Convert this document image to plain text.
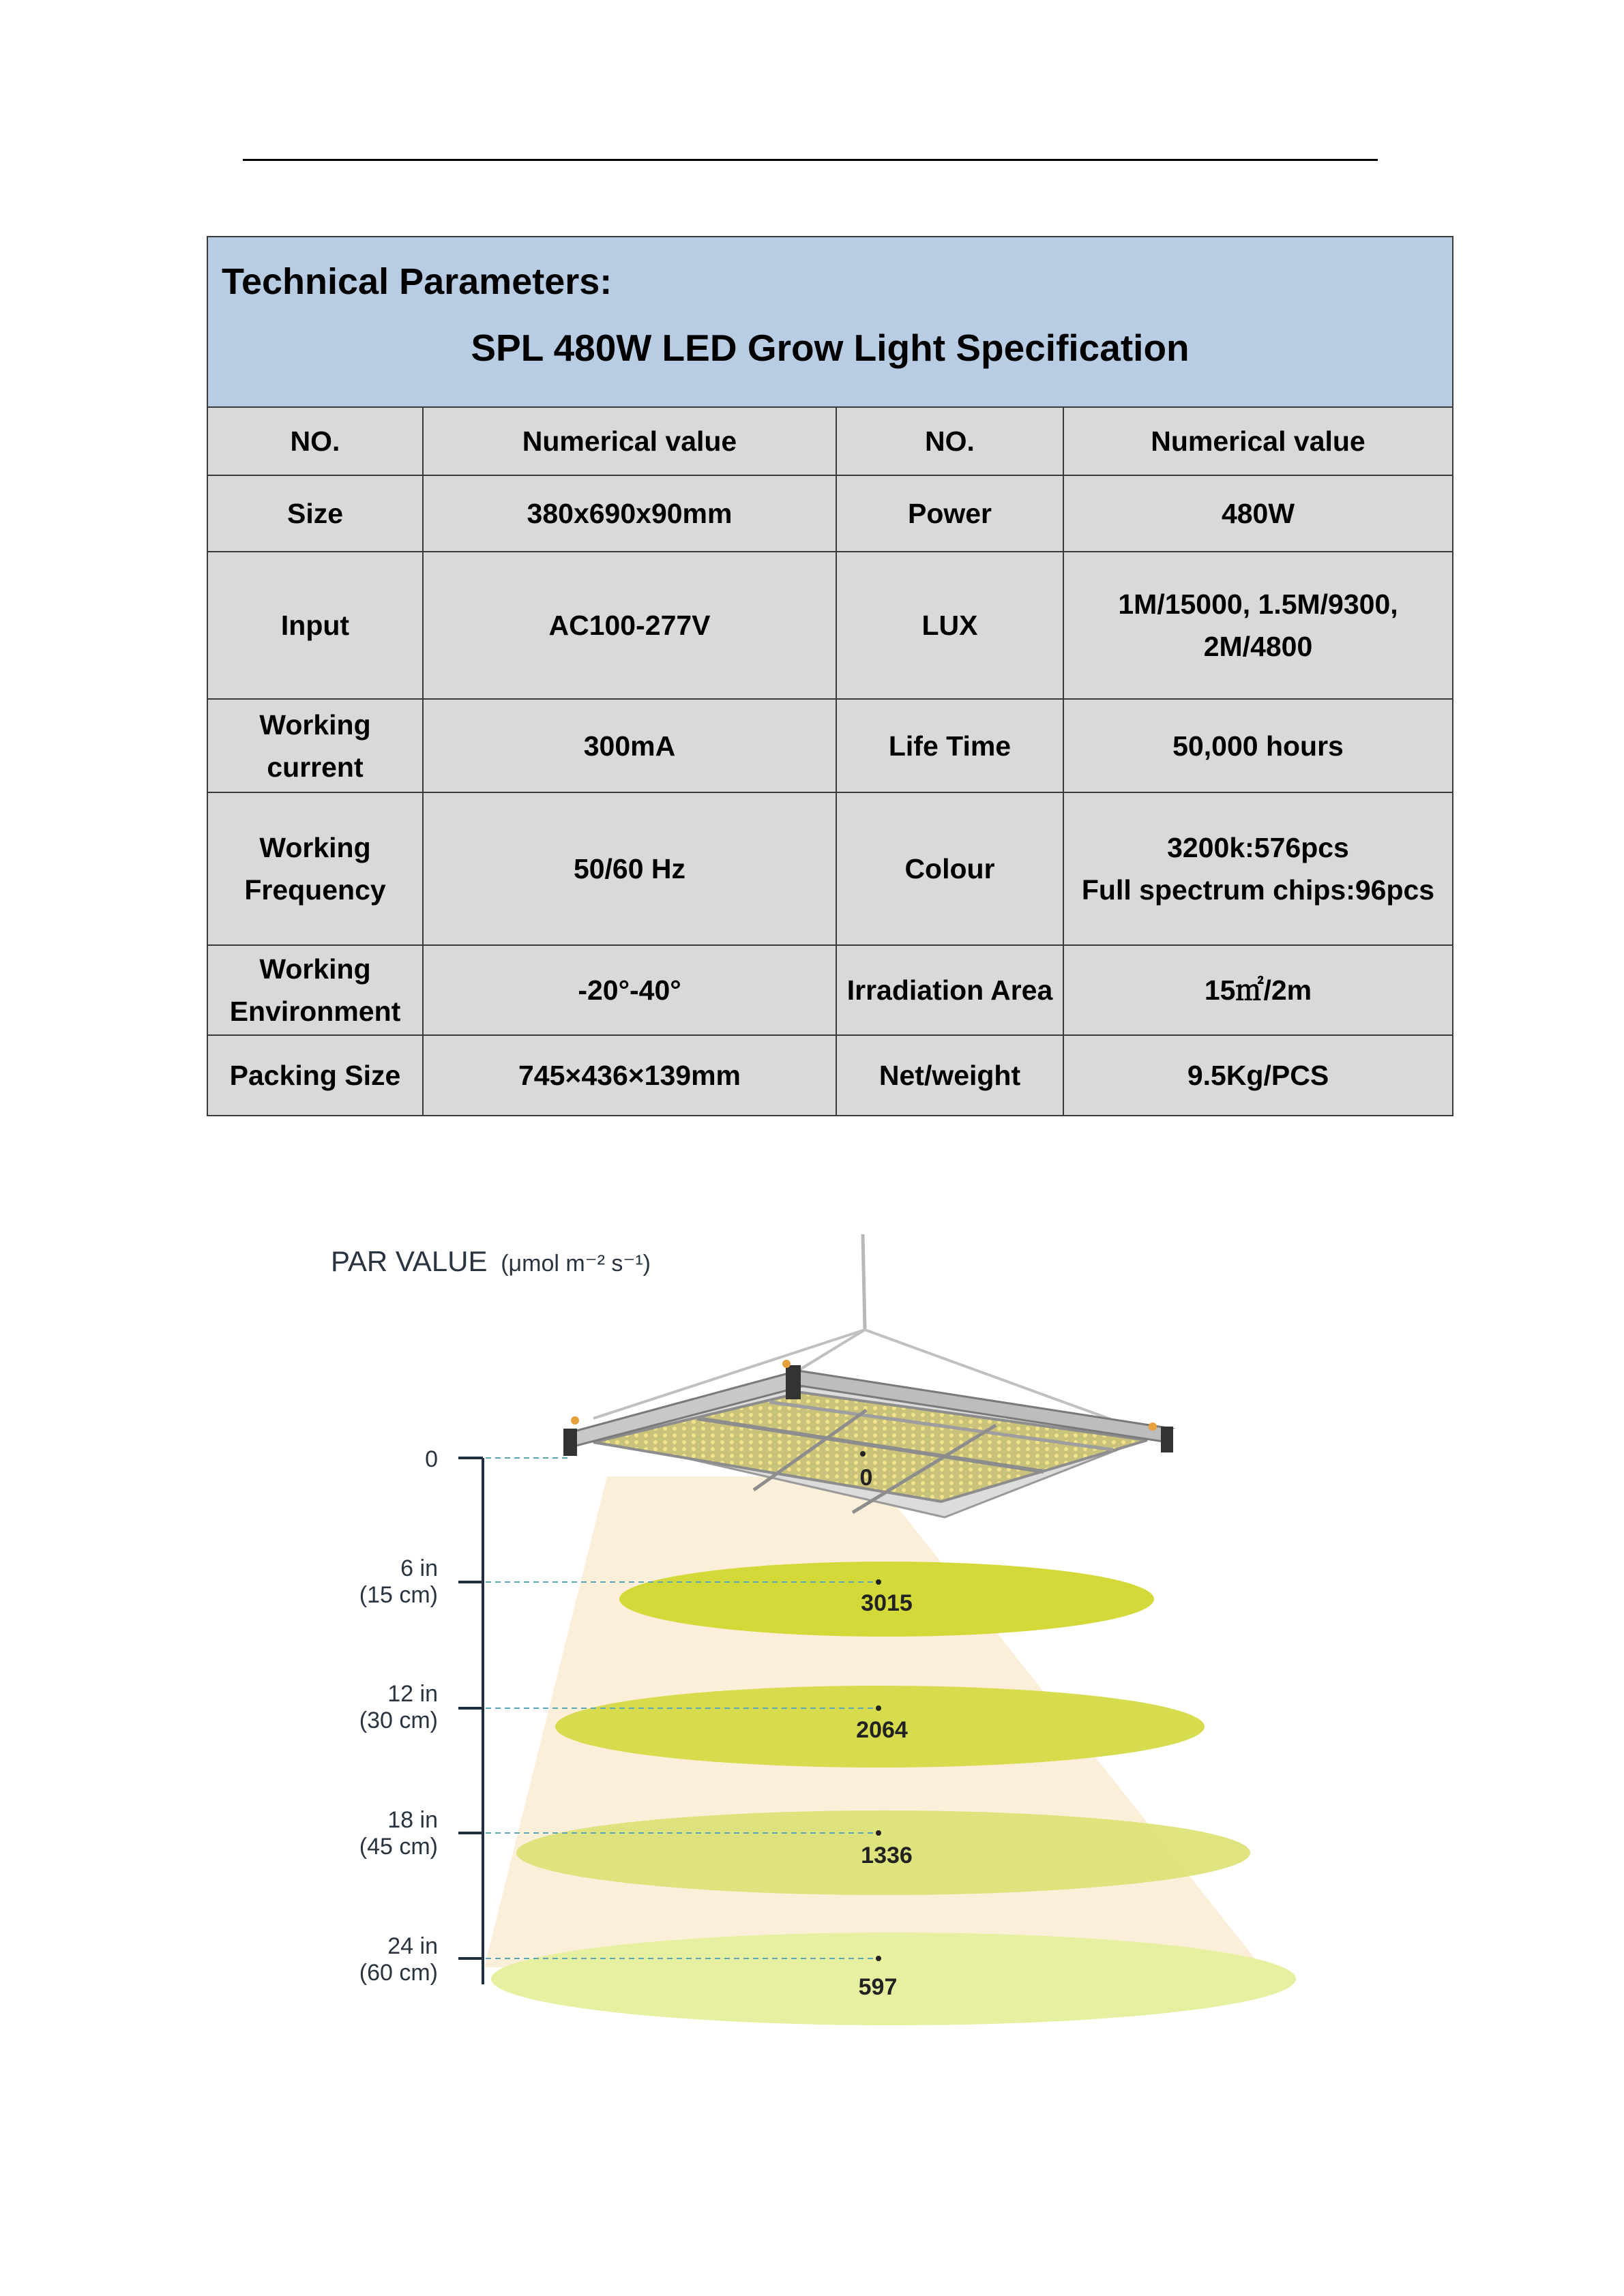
Technical Parameters:
SPL 480W LED Grow Light Specification			

NO.	Numerical value	NO.	Numerical value
Size	380x690x90mm	Power	480W

Input	AC100-277V	LUX	1M/15000, 1.5M/9300,
2M/4800

Working current	300mA	Life Time	50,000 hours

Working Frequency	50/60 Hz	Colour	3200k:576pcs
Full spectrum chips:96pcs

Working Environment	-20°-40°	Irradiation Area	15㎡/2m

Packing Size	745×436×139mm	Net/weight	9.5Kg/PCS
PAR VALUE (μmol m⁻² s⁻¹)
0
6 in
(15 cm)
12 in
(30 cm)
18 in
(45 cm)
24 in
(60 cm)
0
3015
2064
1336
597
